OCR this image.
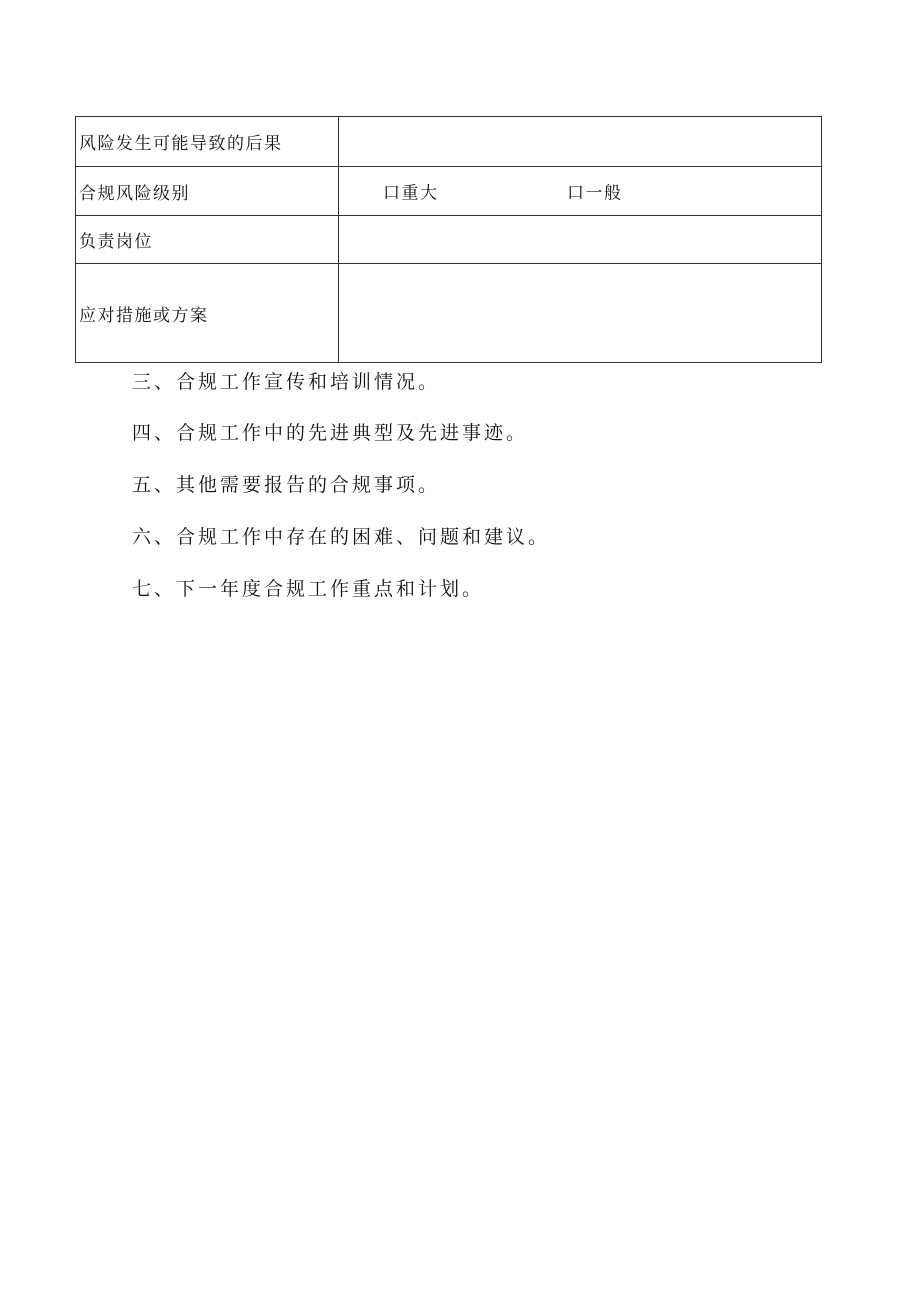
风险发生可能导致的后果	
合规风险级别	口重大 口一般

负责岗位	
应对措施或方案	

三、合规工作宣传和培训情况。

四、合规工作中的先进典型及先进事迹。

五、其他需要报告的合规事项。

六、合规工作中存在的困难、问题和建议。

七、下一年度合规工作重点和计划。
